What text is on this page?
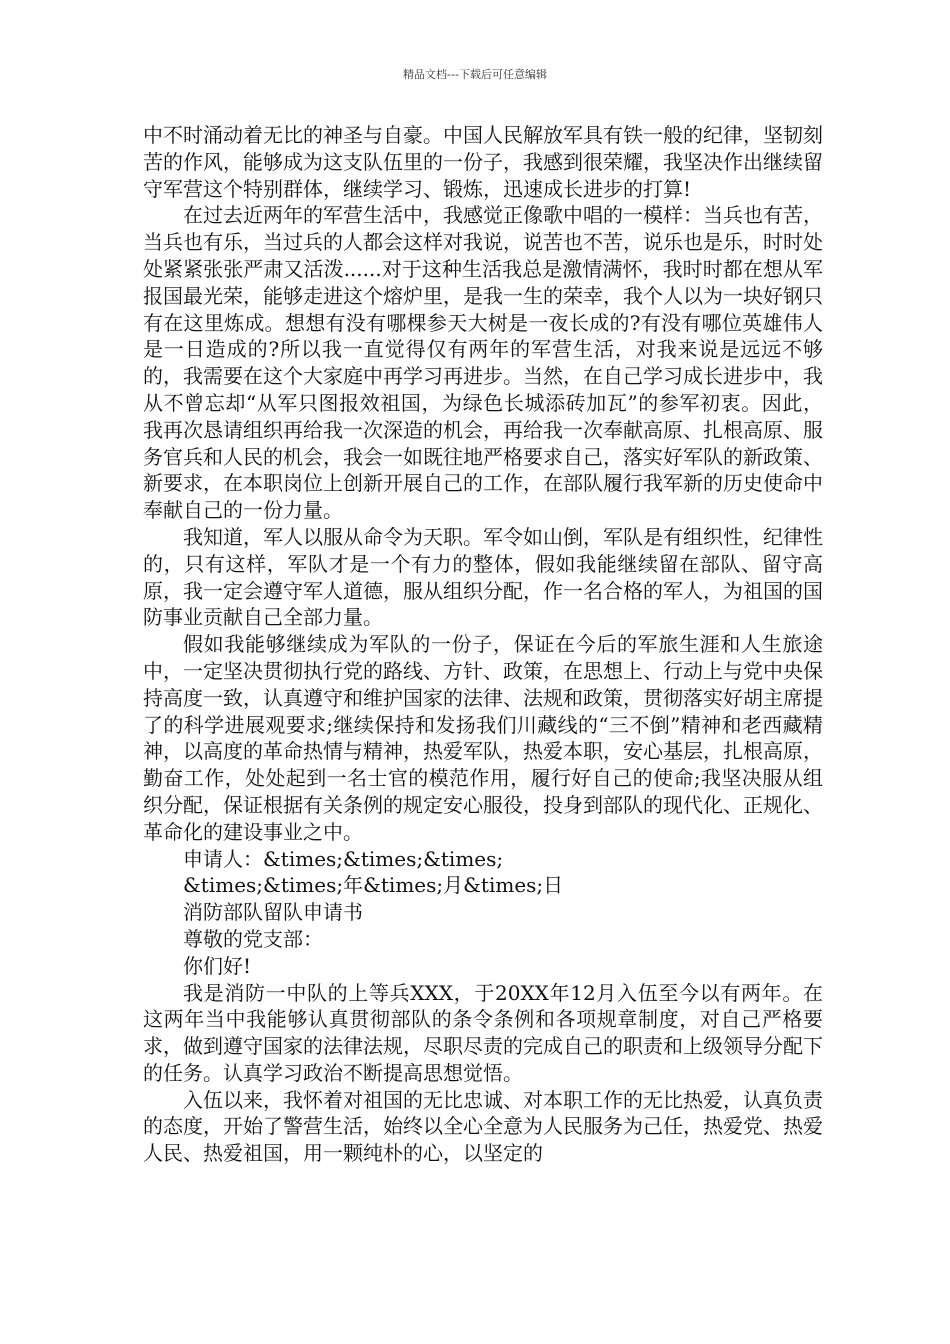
精品文档---下载后可任意编辑

中不时涌动着无比的神圣与自豪。中国人民解放军具有铁一般的纪律，坚韧刻苦的作风，能够成为这支队伍里的一份子，我感到很荣耀，我坚决作出继续留守军营这个特别群体，继续学习、锻炼，迅速成长进步的打算!

在过去近两年的军营生活中，我感觉正像歌中唱的一模样：当兵也有苦，当兵也有乐，当过兵的人都会这样对我说，说苦也不苦，说乐也是乐，时时处处紧紧张张严肃又活泼......对于这种生活我总是激情满怀，我时时都在想从军报国最光荣，能够走进这个熔炉里，是我一生的荣幸，我个人以为一块好钢只有在这里炼成。想想有没有哪棵参天大树是一夜长成的?有没有哪位英雄伟人是一日造成的?所以我一直觉得仅有两年的军营生活，对我来说是远远不够的，我需要在这个大家庭中再学习再进步。当然，在自己学习成长进步中，我从不曾忘却“从军只图报效祖国，为绿色长城添砖加瓦”的参军初衷。因此，我再次恳请组织再给我一次深造的机会，再给我一次奉献高原、扎根高原、服务官兵和人民的机会，我会一如既往地严格要求自己，落实好军队的新政策、新要求，在本职岗位上创新开展自己的工作，在部队履行我军新的历史使命中奉献自己的一份力量。

我知道，军人以服从命令为天职。军令如山倒，军队是有组织性，纪律性的，只有这样，军队才是一个有力的整体，假如我能继续留在部队、留守高原，我一定会遵守军人道德，服从组织分配，作一名合格的军人，为祖国的国防事业贡献自己全部力量。

假如我能够继续成为军队的一份子，保证在今后的军旅生涯和人生旅途中，一定坚决贯彻执行党的路线、方针、政策，在思想上、行动上与党中央保持高度一致，认真遵守和维护国家的法律、法规和政策，贯彻落实好胡主席提了的科学进展观要求;继续保持和发扬我们川藏线的“三不倒”精神和老西藏精神，以高度的革命热情与精神，热爱军队，热爱本职，安心基层，扎根高原，勤奋工作，处处起到一名士官的模范作用，履行好自己的使命;我坚决服从组织分配，保证根据有关条例的规定安心服役，投身到部队的现代化、正规化、革命化的建设事业之中。

申请人：&times;&times;&times;

&times;&times;年&times;月&times;日

消防部队留队申请书

尊敬的党支部：

你们好!

我是消防一中队的上等兵XXX，于20XX年12月入伍至今以有两年。在这两年当中我能够认真贯彻部队的条令条例和各项规章制度，对自己严格要求，做到遵守国家的法律法规，尽职尽责的完成自己的职责和上级领导分配下的任务。认真学习政治不断提高思想觉悟。

入伍以来，我怀着对祖国的无比忠诚、对本职工作的无比热爱，认真负责的态度，开始了警营生活，始终以全心全意为人民服务为己任，热爱党、热爱人民、热爱祖国，用一颗纯朴的心，以坚定的
